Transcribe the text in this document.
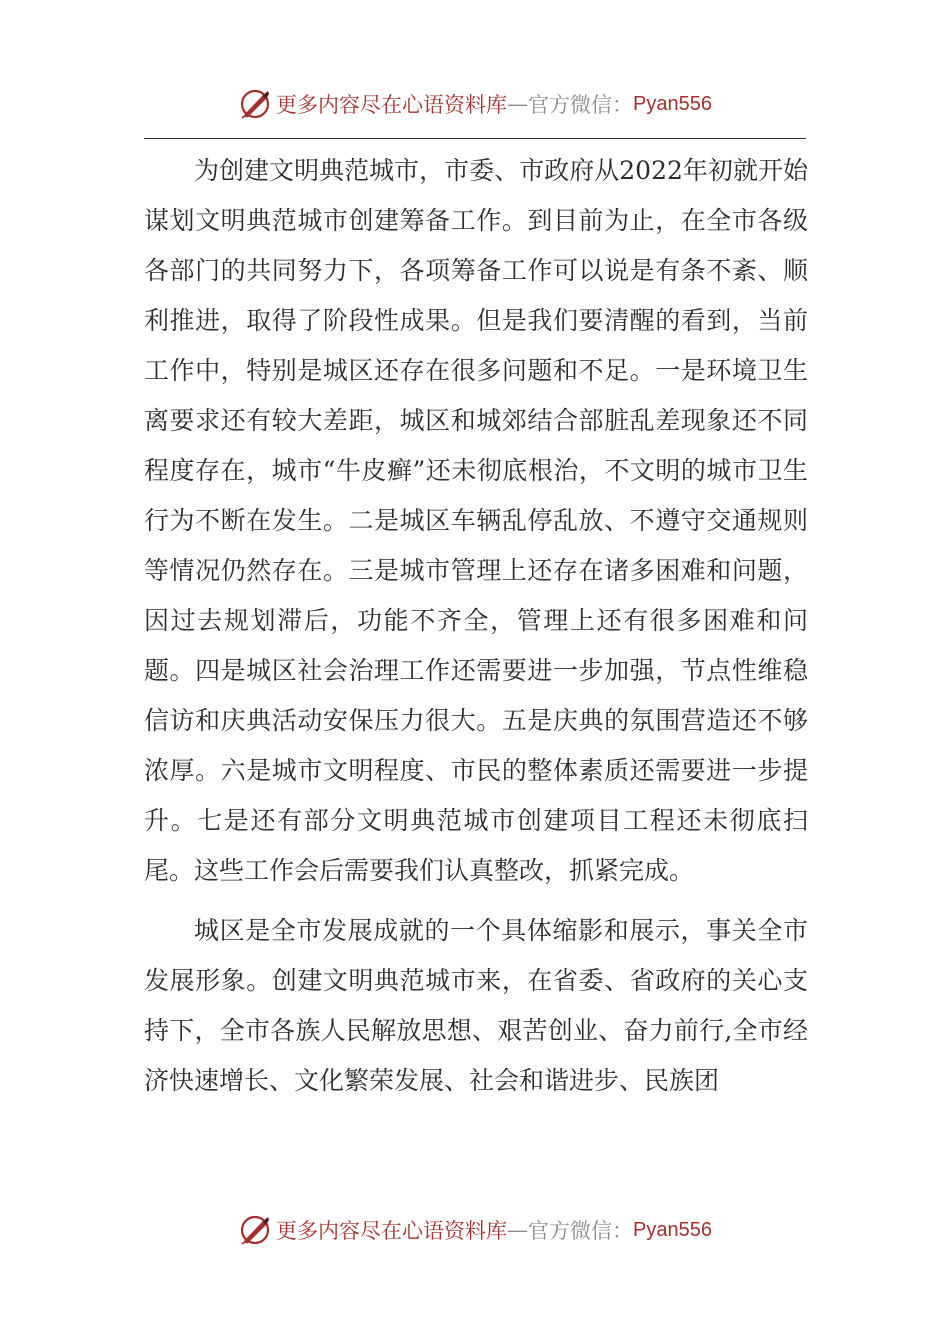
更多内容尽在心语资料库 — 官方微信： Pyan556

为创建文明典范城市，市委、市政府从2022年初就开始谋划文明典范城市创建筹备工作。到目前为止，在全市各级各部门的共同努力下，各项筹备工作可以说是有条不紊、顺利推进，取得了阶段性成果。但是我们要清醒的看到，当前工作中，特别是城区还存在很多问题和不足。一是环境卫生离要求还有较大差距，城区和城郊结合部脏乱差现象还不同程度存在，城市“牛皮癣”还未彻底根治，不文明的城市卫生行为不断在发生。二是城区车辆乱停乱放、不遵守交通规则等情况仍然存在。三是城市管理上还存在诸多困难和问题，因过去规划滞后，功能不齐全，管理上还有很多困难和问题。四是城区社会治理工作还需要进一步加强，节点性维稳信访和庆典活动安保压力很大。五是庆典的氛围营造还不够浓厚。六是城市文明程度、市民的整体素质还需要进一步提升。七是还有部分文明典范城市创建项目工程还未彻底扫尾。这些工作会后需要我们认真整改，抓紧完成。

城区是全市发展成就的一个具体缩影和展示，事关全市发展形象。创建文明典范城市来，在省委、省政府的关心支持下，全市各族人民解放思想、艰苦创业、奋力前行,全市经济快速增长、文化繁荣发展、社会和谐进步、民族团

更多内容尽在心语资料库 — 官方微信： Pyan556
